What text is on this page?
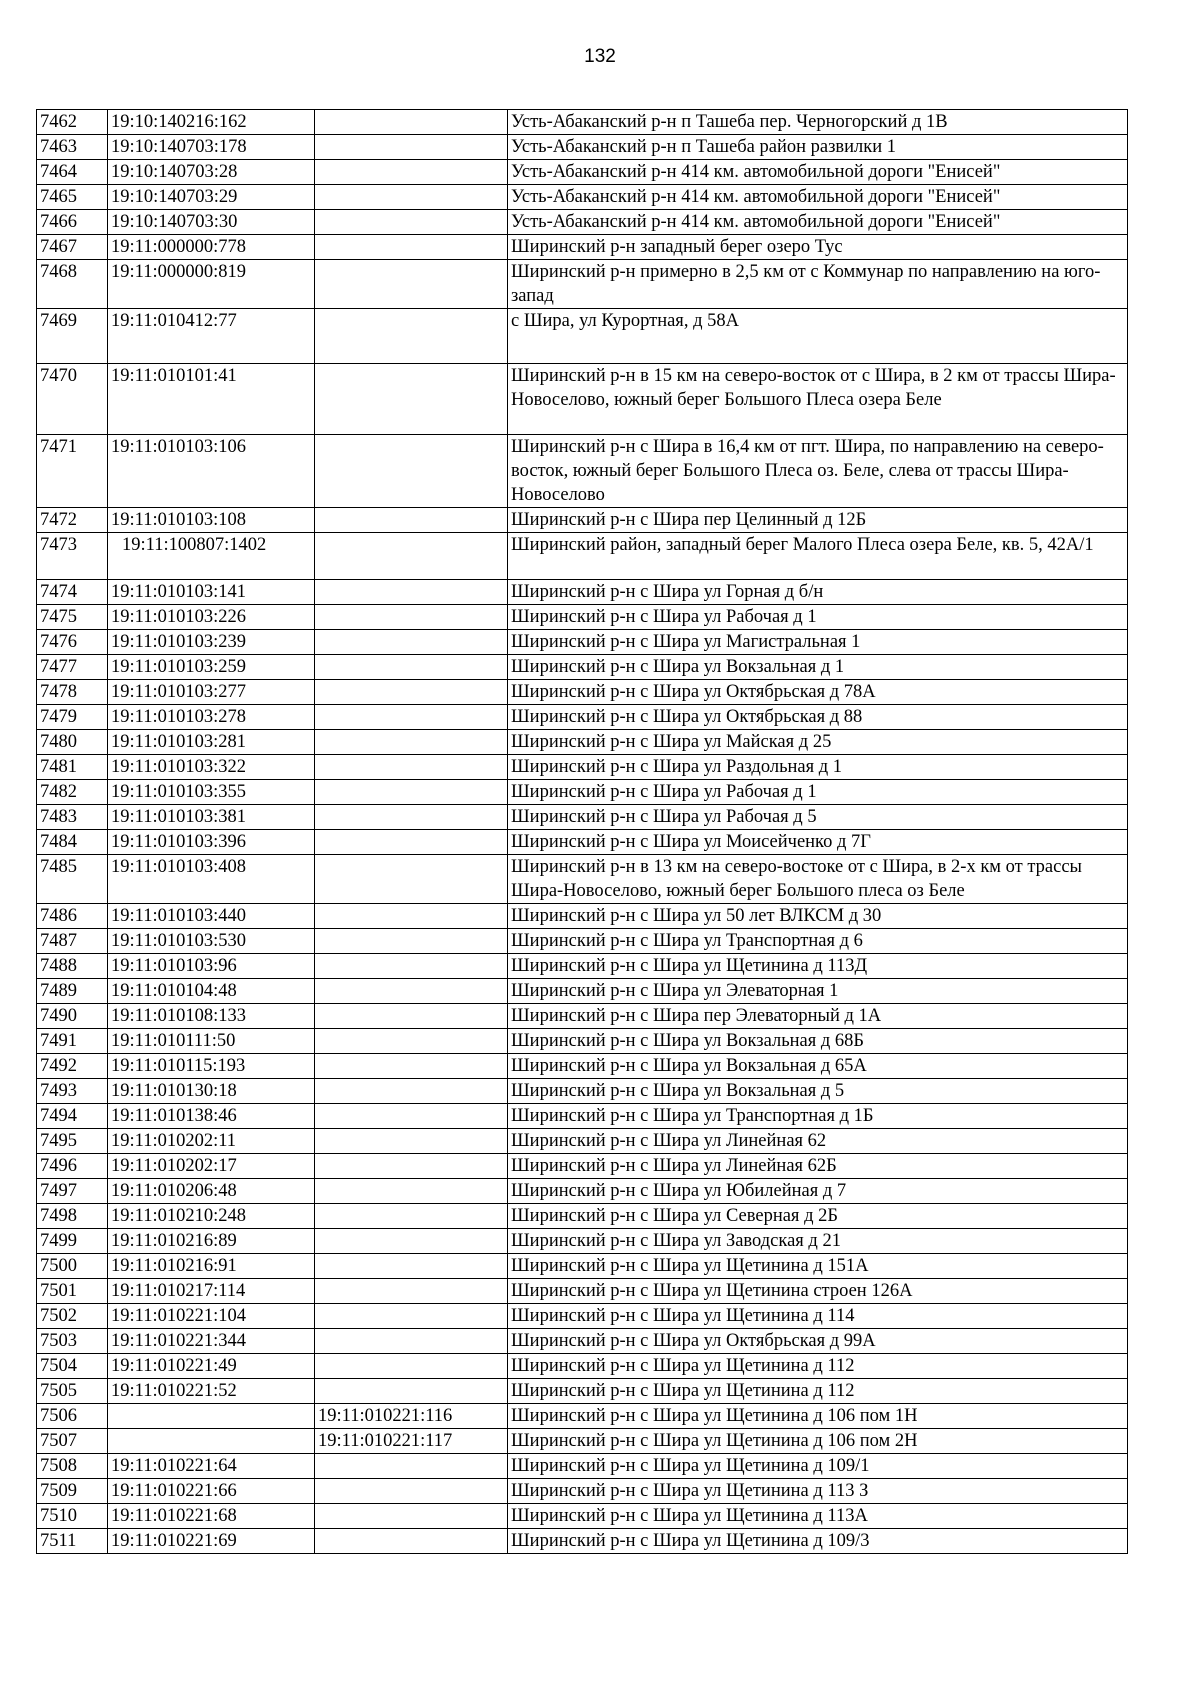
132
7462	19:10:140216:162		Усть-Абаканский р-н п Ташеба пер. Черногорский д 1В
7463	19:10:140703:178		Усть-Абаканский р-н п Ташеба район развилки 1
7464	19:10:140703:28		Усть-Абаканский р-н 414 км. автомобильной дороги "Енисей"
7465	19:10:140703:29		Усть-Абаканский р-н 414 км. автомобильной дороги "Енисей"
7466	19:10:140703:30		Усть-Абаканский р-н 414 км. автомобильной дороги "Енисей"
7467	19:11:000000:778		Ширинский р-н западный берег озеро Тус
7468	19:11:000000:819		Ширинский р-н примерно в 2,5 км от с Коммунар по направлению на юго-запад
7469	19:11:010412:77		с Шира, ул Курортная, д 58А
7470	19:11:010101:41		Ширинский р-н в 15 км на северо-восток от с Шира, в 2 км от трассы Шира-Новоселово, южный берег Большого Плеса озера Беле
7471	19:11:010103:106		Ширинский р-н с Шира в 16,4 км от пгт. Шира, по направлению на северо-восток, южный берег Большого Плеса оз. Беле, слева от трассы Шира-Новоселово
7472	19:11:010103:108		Ширинский р-н с Шира пер Целинный д 12Б
7473	19:11:100807:1402		Ширинский район, западный берег Малого Плеса озера Беле, кв. 5, 42А/1
7474	19:11:010103:141		Ширинский р-н с Шира ул Горная д б/н
7475	19:11:010103:226		Ширинский р-н с Шира ул Рабочая д 1
7476	19:11:010103:239		Ширинский р-н с Шира ул Магистральная 1
7477	19:11:010103:259		Ширинский р-н с Шира ул Вокзальная д 1
7478	19:11:010103:277		Ширинский р-н с Шира ул Октябрьская д 78А
7479	19:11:010103:278		Ширинский р-н с Шира ул Октябрьская д 88
7480	19:11:010103:281		Ширинский р-н с Шира ул Майская д 25
7481	19:11:010103:322		Ширинский р-н с Шира ул Раздольная д 1
7482	19:11:010103:355		Ширинский р-н с Шира ул Рабочая д 1
7483	19:11:010103:381		Ширинский р-н с Шира ул Рабочая д 5
7484	19:11:010103:396		Ширинский р-н с Шира ул Моисейченко д 7Г
7485	19:11:010103:408		Ширинский р-н в 13 км на северо-востоке от с Шира, в 2-х км от трассы Шира-Новоселово, южный берег Большого плеса оз Беле
7486	19:11:010103:440		Ширинский р-н с Шира ул 50 лет ВЛКСМ д 30
7487	19:11:010103:530		Ширинский р-н с Шира ул Транспортная д 6
7488	19:11:010103:96		Ширинский р-н с Шира ул Щетинина д 113Д
7489	19:11:010104:48		Ширинский р-н с Шира ул Элеваторная 1
7490	19:11:010108:133		Ширинский р-н с Шира пер Элеваторный д 1А
7491	19:11:010111:50		Ширинский р-н с Шира ул Вокзальная д 68Б
7492	19:11:010115:193		Ширинский р-н с Шира ул Вокзальная д 65А
7493	19:11:010130:18		Ширинский р-н с Шира ул Вокзальная д 5
7494	19:11:010138:46		Ширинский р-н с Шира ул Транспортная д 1Б
7495	19:11:010202:11		Ширинский р-н с Шира ул Линейная 62
7496	19:11:010202:17		Ширинский р-н с Шира ул Линейная 62Б
7497	19:11:010206:48		Ширинский р-н с Шира ул Юбилейная д 7
7498	19:11:010210:248		Ширинский р-н с Шира ул Северная д 2Б
7499	19:11:010216:89		Ширинский р-н с Шира ул Заводская д 21
7500	19:11:010216:91		Ширинский р-н с Шира ул Щетинина д 151А
7501	19:11:010217:114		Ширинский р-н с Шира ул Щетинина строен 126А
7502	19:11:010221:104		Ширинский р-н с Шира ул Щетинина д 114
7503	19:11:010221:344		Ширинский р-н с Шира ул Октябрьская д 99А
7504	19:11:010221:49		Ширинский р-н с Шира ул Щетинина д 112
7505	19:11:010221:52		Ширинский р-н с Шира ул Щетинина д 112
7506		19:11:010221:116	Ширинский р-н с Шира ул Щетинина д 106 пом 1Н
7507		19:11:010221:117	Ширинский р-н с Шира ул Щетинина д 106 пом 2Н
7508	19:11:010221:64		Ширинский р-н с Шира ул Щетинина д 109/1
7509	19:11:010221:66		Ширинский р-н с Шира ул Щетинина д 113 З
7510	19:11:010221:68		Ширинский р-н с Шира ул Щетинина д 113А
7511	19:11:010221:69		Ширинский р-н с Шира ул Щетинина д 109/3
